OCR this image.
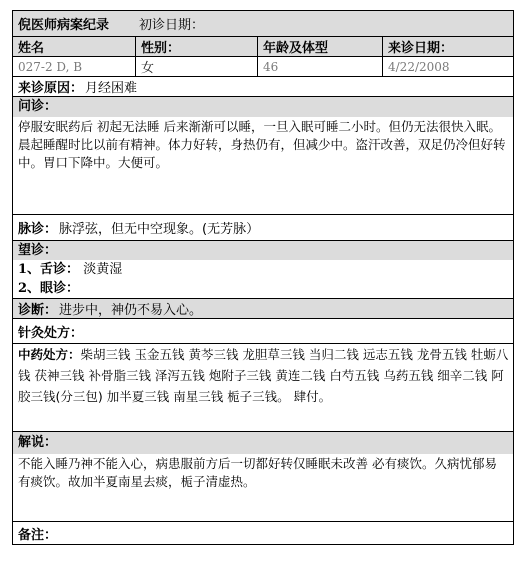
倪医师病案纪录 初诊日期：
姓名	性别：	年龄及体型	来诊日期：
027-2 D, B	女	46	4/22/2008
来诊原因： 月经困难
问诊：
停服安眠药后 初起无法睡 后来渐渐可以睡，一旦入眠可睡二小时。但仍无法很快入眠。晨起睡醒时比以前有精神。体力好转，身热仍有，但减少中。盗汗改善，双足仍冷但好转中。胃口下降中。大便可。
脉诊： 脉浮弦，但无中空现象。(无芳脉）
望诊：
1、舌诊： 淡黄湿
2、眼诊：
诊断： 进步中，神仍不易入心。
针灸处方：
中药处方：柴胡三钱 玉金五钱 黄芩三钱 龙胆草三钱 当归二钱 远志五钱 龙骨五钱 牡蛎八钱 茯神三钱 补骨脂三钱 泽泻五钱 炮附子三钱 黄连二钱 白芍五钱 乌药五钱 细辛二钱 阿胶三钱(分三包) 加半夏三钱 南星三钱 栀子三钱。 肆付。
解说：
不能入睡乃神不能入心，病患服前方后一切都好转仅睡眠未改善 必有痰饮。久病忧郁易有痰饮。故加半夏南星去痰，栀子清虚热。
备注：
